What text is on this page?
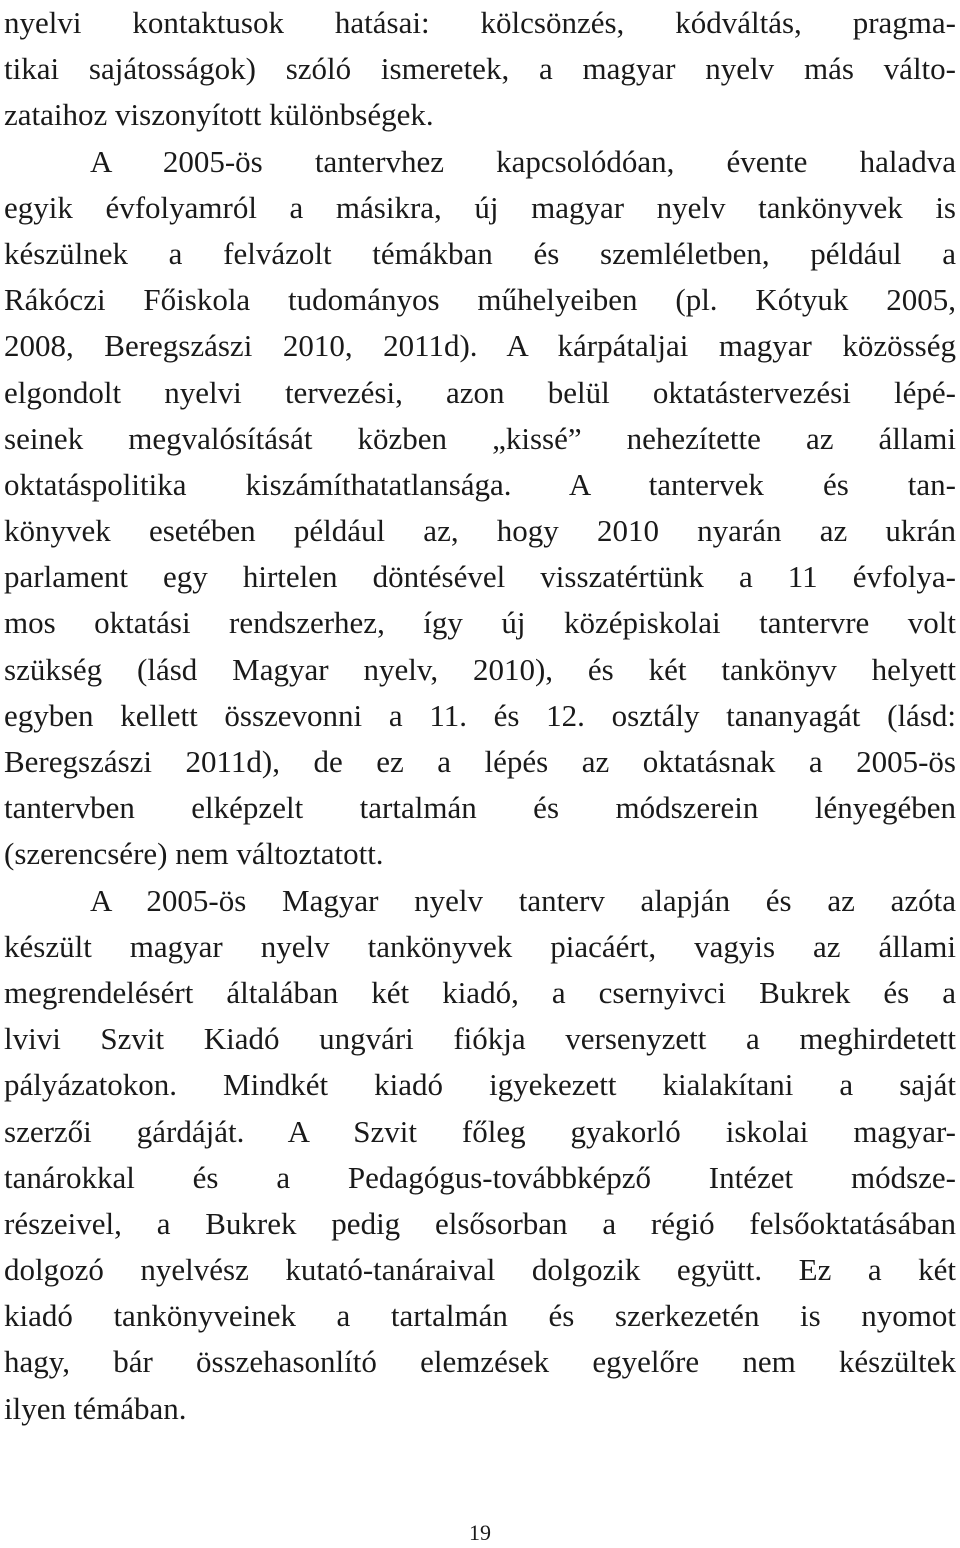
nyelvi kontaktusok hatásai: kölcsönzés, kódváltás, pragma-
tikai sajátosságok) szóló ismeretek, a magyar nyelv más válto-
zataihoz viszonyított különbségek.
A 2005-ös tantervhez kapcsolódóan, évente haladva
egyik évfolyamról a másikra, új magyar nyelv tankönyvek is
készülnek a felvázolt témákban és szemléletben, például a
Rákóczi Főiskola tudományos műhelyeiben (pl. Kótyuk 2005,
2008, Beregszászi 2010, 2011d). A kárpátaljai magyar közösség
elgondolt nyelvi tervezési, azon belül oktatástervezési lépé-
seinek megvalósítását közben „kissé” nehezítette az állami
oktatáspolitika kiszámíthatatlansága. A tantervek és tan-
könyvek esetében például az, hogy 2010 nyarán az ukrán
parlament egy hirtelen döntésével visszatértünk a 11 évfolya-
mos oktatási rendszerhez, így új középiskolai tantervre volt
szükség (lásd Magyar nyelv, 2010), és két tankönyv helyett
egyben kellett összevonni a 11. és 12. osztály tananyagát (lásd:
Beregszászi 2011d), de ez a lépés az oktatásnak a 2005-ös
tantervben elképzelt tartalmán és módszerein lényegében
(szerencsére) nem változtatott.
A 2005-ös Magyar nyelv tanterv alapján és az azóta
készült magyar nyelv tankönyvek piacáért, vagyis az állami
megrendelésért általában két kiadó, a csernyivci Bukrek és a
lvivi Szvit Kiadó ungvári fiókja versenyzett a meghirdetett
pályázatokon. Mindkét kiadó igyekezett kialakítani a saját
szerzői gárdáját. A Szvit főleg gyakorló iskolai magyar-
tanárokkal és a Pedagógus-továbbképző Intézet módsze-
részeivel, a Bukrek pedig elsősorban a régió felsőoktatásában
dolgozó nyelvész kutató-tanáraival dolgozik együtt. Ez a két
kiadó tankönyveinek a tartalmán és szerkezetén is nyomot
hagy, bár összehasonlító elemzések egyelőre nem készültek
ilyen témában.
19
